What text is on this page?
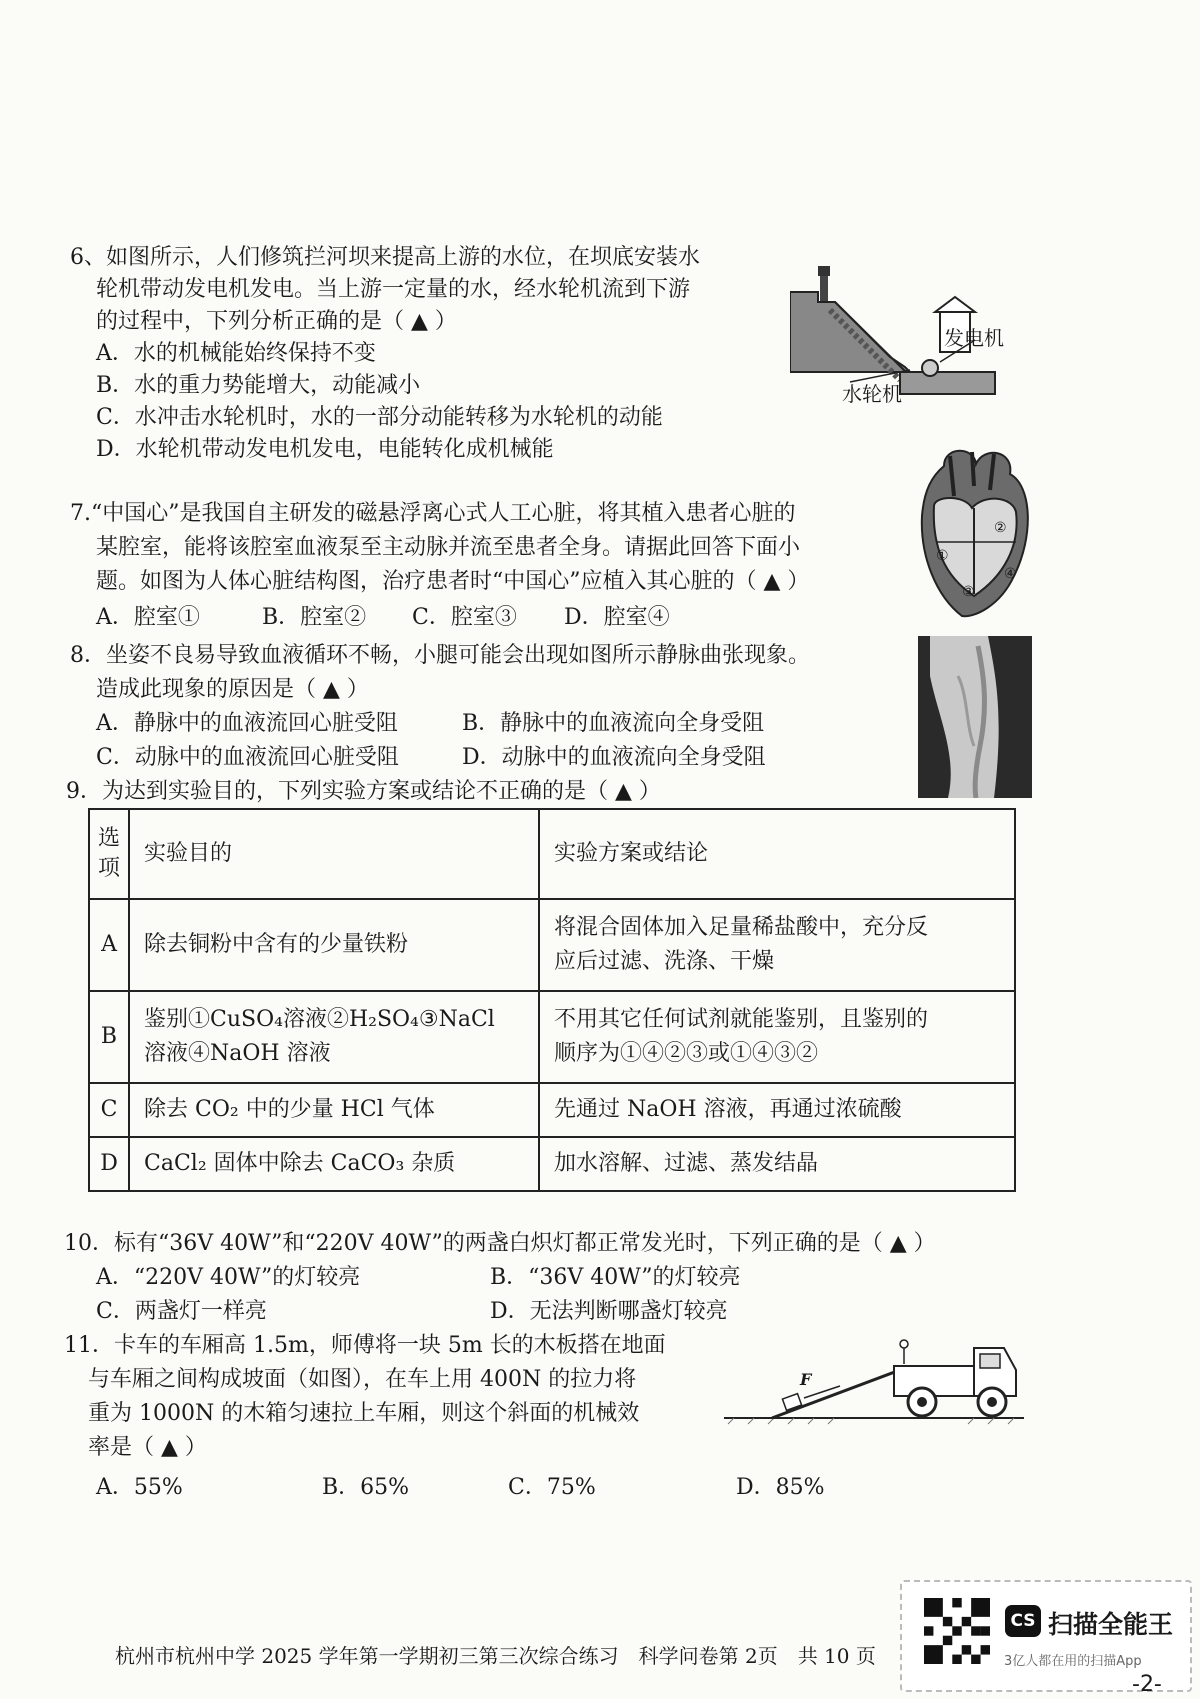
6、如图所示，人们修筑拦河坝来提高上游的水位，在坝底安装水
轮机带动发电机发电。当上游一定量的水，经水轮机流到下游
的过程中，下列分析正确的是（ ▲ ）
A．水的机械能始终保持不变
B．水的重力势能增大，动能减小
C．水冲击水轮机时，水的一部分动能转移为水轮机的动能
D．水轮机带动发电机发电，电能转化成机械能
发电机
水轮机
7.“中国心”是我国自主研发的磁悬浮离心式人工心脏，将其植入患者心脏的
某腔室，能将该腔室血液泵至主动脉并流至患者全身。请据此回答下面小
题。如图为人体心脏结构图，治疗患者时“中国心”应植入其心脏的（ ▲ ）
A．腔室①	B．腔室② C．腔室③ D．腔室④
①
②
③
④
8．坐姿不良易导致血液循环不畅，小腿可能会出现如图所示静脉曲张现象。
造成此现象的原因是（ ▲ ）
A．静脉中的血液流回心脏受阻	B．静脉中的血液流向全身受阻
C．动脉中的血液流回心脏受阻	D．动脉中的血液流向全身受阻
9．为达到实验目的，下列实验方案或结论不正确的是（ ▲ ）
选
项	实验目的	实验方案或结论
A	除去铜粉中含有的少量铁粉	将混合固体加入足量稀盐酸中，充分反
应后过滤、洗涤、干燥
B	鉴别①CuSO₄溶液②H₂SO₄③NaCl
溶液④NaOH 溶液	不用其它任何试剂就能鉴别，且鉴别的
顺序为①④②③或①④③②
C	除去 CO₂ 中的少量 HCl 气体	先通过 NaOH 溶液，再通过浓硫酸
D	CaCl₂ 固体中除去 CaCO₃ 杂质	加水溶解、过滤、蒸发结晶
10．标有“36V 40W”和“220V 40W”的两盏白炽灯都正常发光时，下列正确的是（ ▲ ）
A．“220V 40W”的灯较亮	B．“36V 40W”的灯较亮
C．两盏灯一样亮	D．无法判断哪盏灯较亮
11．卡车的车厢高 1.5m，师傅将一块 5m 长的木板搭在地面
与车厢之间构成坡面（如图），在车上用 400N 的拉力将
重为 1000N 的木箱匀速拉上车厢，则这个斜面的机械效
率是（ ▲ ）
A．55%	B．65%	C．75%	D．85%
F
杭州市杭州中学 2025 学年第一学期初三第三次综合练习　科学问卷第 2页　共 10 页
CS 扫描全能王
3亿人都在用的扫描App
-2-
